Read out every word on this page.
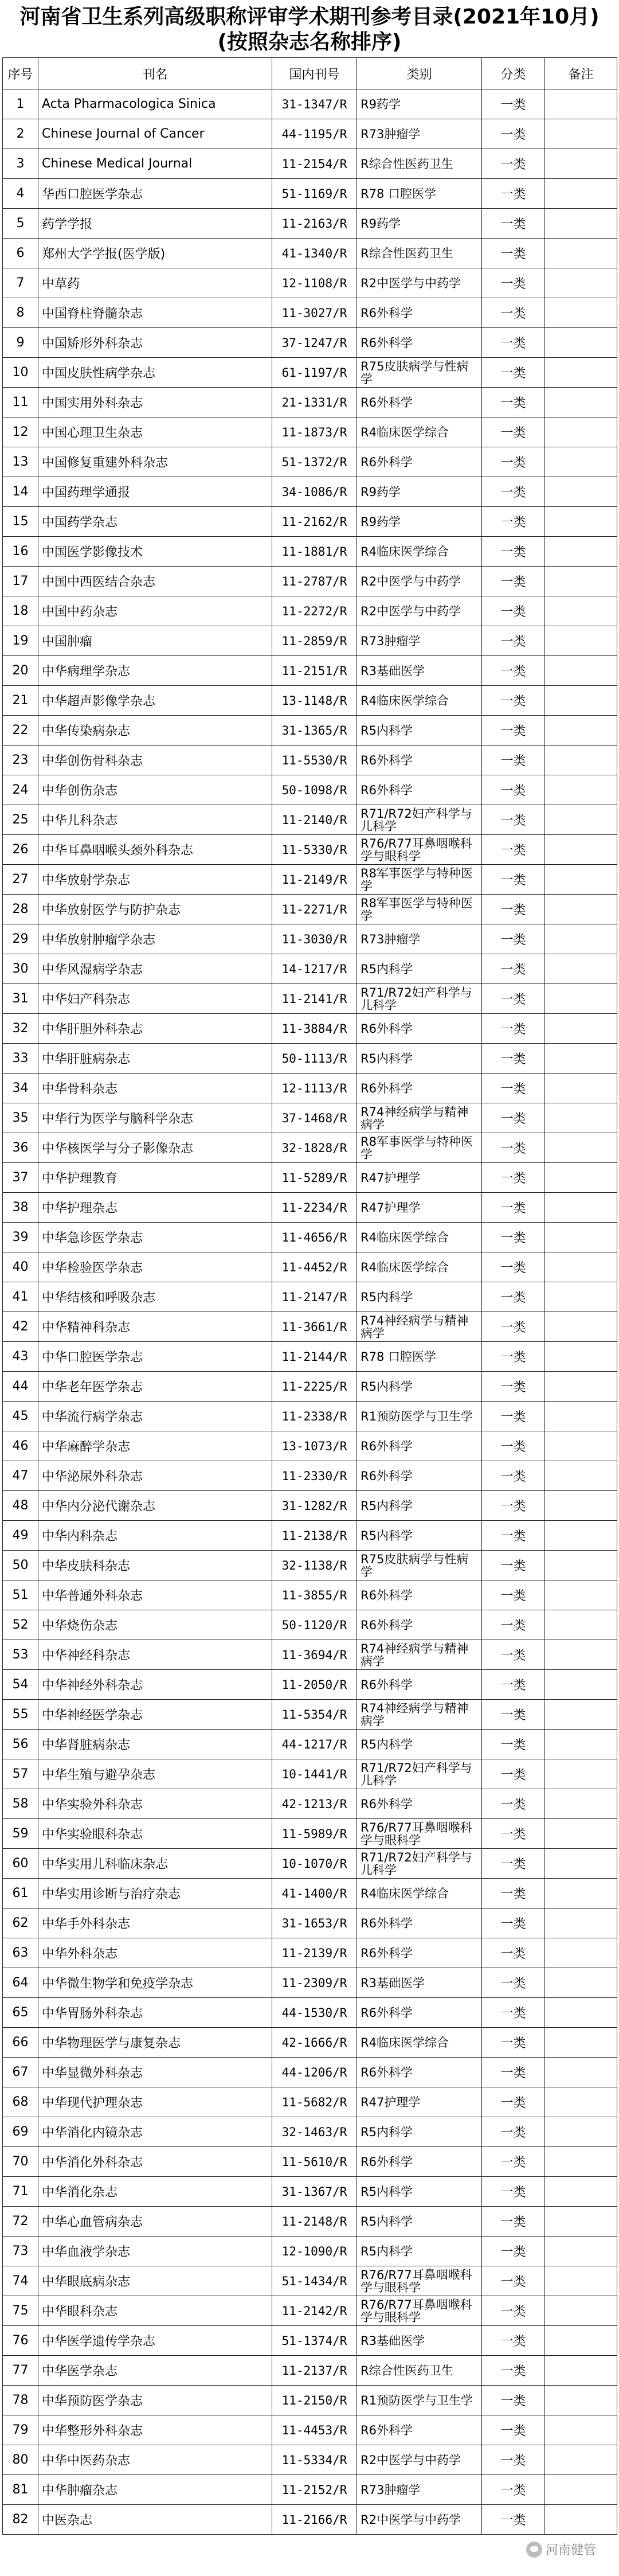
河南省卫生系列高级职称评审学术期刊参考目录(2021年10月)
(按照杂志名称排序)
序号	刊名	国内刊号	类别	分类	备注
1	Acta Pharmacologica Sinica	31-1347/R	R9药学	一类	
2	Chinese Journal of Cancer	44-1195/R	R73肿瘤学	一类	
3	Chinese Medical Journal	11-2154/R	R综合性医药卫生	一类	
4	华西口腔医学杂志	51-1169/R	R78 口腔医学	一类	
5	药学学报	11-2163/R	R9药学	一类	
6	郑州大学学报(医学版)	41-1340/R	R综合性医药卫生	一类	
7	中草药	12-1108/R	R2中医学与中药学	一类	
8	中国脊柱脊髓杂志	11-3027/R	R6外科学	一类	
9	中国矫形外科杂志	37-1247/R	R6外科学	一类	
10	中国皮肤性病学杂志	61-1197/R	R75皮肤病学与性病学	一类	
11	中国实用外科杂志	21-1331/R	R6外科学	一类	
12	中国心理卫生杂志	11-1873/R	R4临床医学综合	一类	
13	中国修复重建外科杂志	51-1372/R	R6外科学	一类	
14	中国药理学通报	34-1086/R	R9药学	一类	
15	中国药学杂志	11-2162/R	R9药学	一类	
16	中国医学影像技术	11-1881/R	R4临床医学综合	一类	
17	中国中西医结合杂志	11-2787/R	R2中医学与中药学	一类	
18	中国中药杂志	11-2272/R	R2中医学与中药学	一类	
19	中国肿瘤	11-2859/R	R73肿瘤学	一类	
20	中华病理学杂志	11-2151/R	R3基础医学	一类	
21	中华超声影像学杂志	13-1148/R	R4临床医学综合	一类	
22	中华传染病杂志	31-1365/R	R5内科学	一类	
23	中华创伤骨科杂志	11-5530/R	R6外科学	一类	
24	中华创伤杂志	50-1098/R	R6外科学	一类	
25	中华儿科杂志	11-2140/R	R71/R72妇产科学与儿科学	一类	
26	中华耳鼻咽喉头颈外科杂志	11-5330/R	R76/R77耳鼻咽喉科学与眼科学	一类	
27	中华放射学杂志	11-2149/R	R8军事医学与特种医学	一类	
28	中华放射医学与防护杂志	11-2271/R	R8军事医学与特种医学	一类	
29	中华放射肿瘤学杂志	11-3030/R	R73肿瘤学	一类	
30	中华风湿病学杂志	14-1217/R	R5内科学	一类	
31	中华妇产科杂志	11-2141/R	R71/R72妇产科学与儿科学	一类	
32	中华肝胆外科杂志	11-3884/R	R6外科学	一类	
33	中华肝脏病杂志	50-1113/R	R5内科学	一类	
34	中华骨科杂志	12-1113/R	R6外科学	一类	
35	中华行为医学与脑科学杂志	37-1468/R	R74神经病学与精神病学	一类	
36	中华核医学与分子影像杂志	32-1828/R	R8军事医学与特种医学	一类	
37	中华护理教育	11-5289/R	R47护理学	一类	
38	中华护理杂志	11-2234/R	R47护理学	一类	
39	中华急诊医学杂志	11-4656/R	R4临床医学综合	一类	
40	中华检验医学杂志	11-4452/R	R4临床医学综合	一类	
41	中华结核和呼吸杂志	11-2147/R	R5内科学	一类	
42	中华精神科杂志	11-3661/R	R74神经病学与精神病学	一类	
43	中华口腔医学杂志	11-2144/R	R78 口腔医学	一类	
44	中华老年医学杂志	11-2225/R	R5内科学	一类	
45	中华流行病学杂志	11-2338/R	R1预防医学与卫生学	一类	
46	中华麻醉学杂志	13-1073/R	R6外科学	一类	
47	中华泌尿外科杂志	11-2330/R	R6外科学	一类	
48	中华内分泌代谢杂志	31-1282/R	R5内科学	一类	
49	中华内科杂志	11-2138/R	R5内科学	一类	
50	中华皮肤科杂志	32-1138/R	R75皮肤病学与性病学	一类	
51	中华普通外科杂志	11-3855/R	R6外科学	一类	
52	中华烧伤杂志	50-1120/R	R6外科学	一类	
53	中华神经科杂志	11-3694/R	R74神经病学与精神病学	一类	
54	中华神经外科杂志	11-2050/R	R6外科学	一类	
55	中华神经医学杂志	11-5354/R	R74神经病学与精神病学	一类	
56	中华肾脏病杂志	44-1217/R	R5内科学	一类	
57	中华生殖与避孕杂志	10-1441/R	R71/R72妇产科学与儿科学	一类	
58	中华实验外科杂志	42-1213/R	R6外科学	一类	
59	中华实验眼科杂志	11-5989/R	R76/R77耳鼻咽喉科学与眼科学	一类	
60	中华实用儿科临床杂志	10-1070/R	R71/R72妇产科学与儿科学	一类	
61	中华实用诊断与治疗杂志	41-1400/R	R4临床医学综合	一类	
62	中华手外科杂志	31-1653/R	R6外科学	一类	
63	中华外科杂志	11-2139/R	R6外科学	一类	
64	中华微生物学和免疫学杂志	11-2309/R	R3基础医学	一类	
65	中华胃肠外科杂志	44-1530/R	R6外科学	一类	
66	中华物理医学与康复杂志	42-1666/R	R4临床医学综合	一类	
67	中华显微外科杂志	44-1206/R	R6外科学	一类	
68	中华现代护理杂志	11-5682/R	R47护理学	一类	
69	中华消化内镜杂志	32-1463/R	R5内科学	一类	
70	中华消化外科杂志	11-5610/R	R6外科学	一类	
71	中华消化杂志	31-1367/R	R5内科学	一类	
72	中华心血管病杂志	11-2148/R	R5内科学	一类	
73	中华血液学杂志	12-1090/R	R5内科学	一类	
74	中华眼底病杂志	51-1434/R	R76/R77耳鼻咽喉科学与眼科学	一类	
75	中华眼科杂志	11-2142/R	R76/R77耳鼻咽喉科学与眼科学	一类	
76	中华医学遗传学杂志	51-1374/R	R3基础医学	一类	
77	中华医学杂志	11-2137/R	R综合性医药卫生	一类	
78	中华预防医学杂志	11-2150/R	R1预防医学与卫生学	一类	
79	中华整形外科杂志	11-4453/R	R6外科学	一类	
80	中华中医药杂志	11-5334/R	R2中医学与中药学	一类	
81	中华肿瘤杂志	11-2152/R	R73肿瘤学	一类	
82	中医杂志	11-2166/R	R2中医学与中药学	一类	
河南健管
